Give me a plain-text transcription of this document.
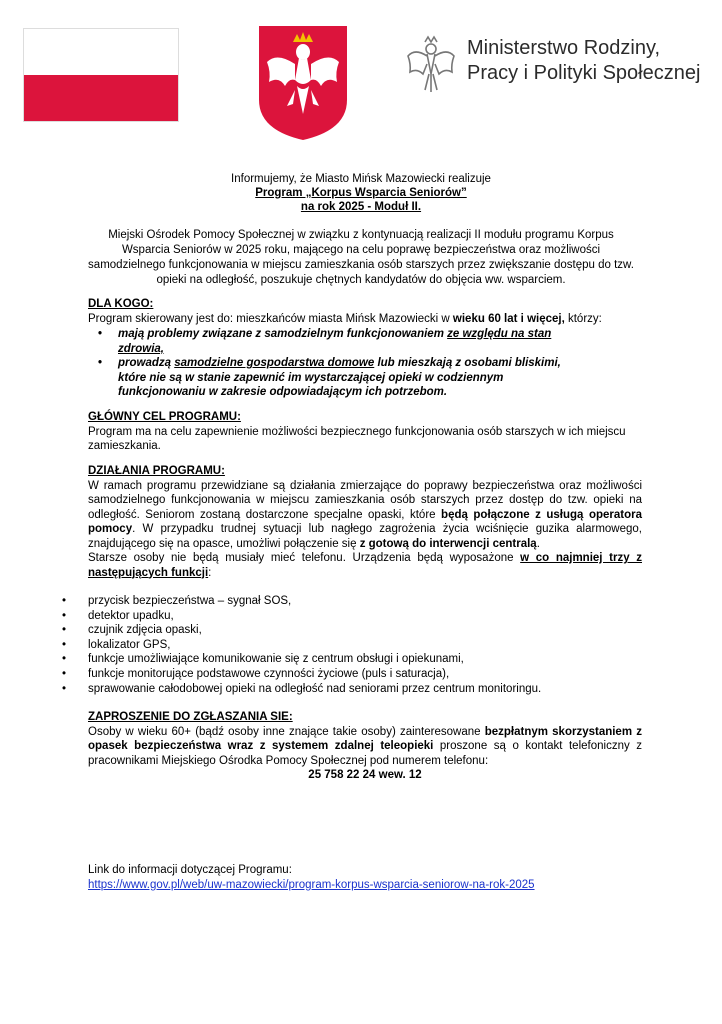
Ministerstwo Rodziny,
Pracy i Polityki Społecznej
Informujemy, że Miasto Mińsk Mazowiecki realizuje
Program „Korpus Wsparcia Seniorów”
na rok 2025 - Moduł II.
Miejski Ośrodek Pomocy Społecznej w związku z kontynuacją realizacji II modułu programu Korpus Wsparcia Seniorów w 2025 roku, mającego na celu poprawę bezpieczeństwa oraz możliwości samodzielnego funkcjonowania w miejscu zamieszkania osób starszych przez zwiększanie dostępu do tzw. opieki na odległość, poszukuje chętnych kandydatów do objęcia ww. wsparciem.
DLA KOGO:
Program skierowany jest do: mieszkańców miasta Mińsk Mazowiecki w wieku 60 lat i więcej, którzy:
• mają problemy związane z samodzielnym funkcjonowaniem ze względu na stan zdrowia,
• prowadzą samodzielne gospodarstwa domowe lub mieszkają z osobami bliskimi, które nie są w stanie zapewnić im wystarczającej opieki w codziennym funkcjonowaniu w zakresie odpowiadającym ich potrzebom.
GŁÓWNY CEL PROGRAMU:
Program ma na celu zapewnienie możliwości bezpiecznego funkcjonowania osób starszych w ich miejscu zamieszkania.
DZIAŁANIA PROGRAMU:
W ramach programu przewidziane są działania zmierzające do poprawy bezpieczeństwa oraz możliwości samodzielnego funkcjonowania w miejscu zamieszkania osób starszych przez dostęp do tzw. opieki na odległość. Seniorom zostaną dostarczone specjalne opaski, które będą połączone z usługą operatora pomocy. W przypadku trudnej sytuacji lub nagłego zagrożenia życia wciśnięcie guzika alarmowego, znajdującego się na opasce, umożliwi połączenie się z gotową do interwencji centralą.
Starsze osoby nie będą musiały mieć telefonu. Urządzenia będą wyposażone w co najmniej trzy z następujących funkcji:
• przycisk bezpieczeństwa – sygnał SOS,
• detektor upadku,
• czujnik zdjęcia opaski,
• lokalizator GPS,
• funkcje umożliwiające komunikowanie się z centrum obsługi i opiekunami,
• funkcje monitorujące podstawowe czynności życiowe (puls i saturacja),
• sprawowanie całodobowej opieki na odległość nad seniorami przez centrum monitoringu.
ZAPROSZENIE DO ZGŁASZANIA SIE:
Osoby w wieku 60+ (bądź osoby inne znające takie osoby) zainteresowane bezpłatnym skorzystaniem z opasek bezpieczeństwa wraz z systemem zdalnej teleopieki proszone są o kontakt telefoniczny z pracownikami Miejskiego Ośrodka Pomocy Społecznej pod numerem telefonu:
25 758 22 24 wew. 12
Link do informacji dotyczącej Programu:
https://www.gov.pl/web/uw-mazowiecki/program-korpus-wsparcia-seniorow-na-rok-2025
